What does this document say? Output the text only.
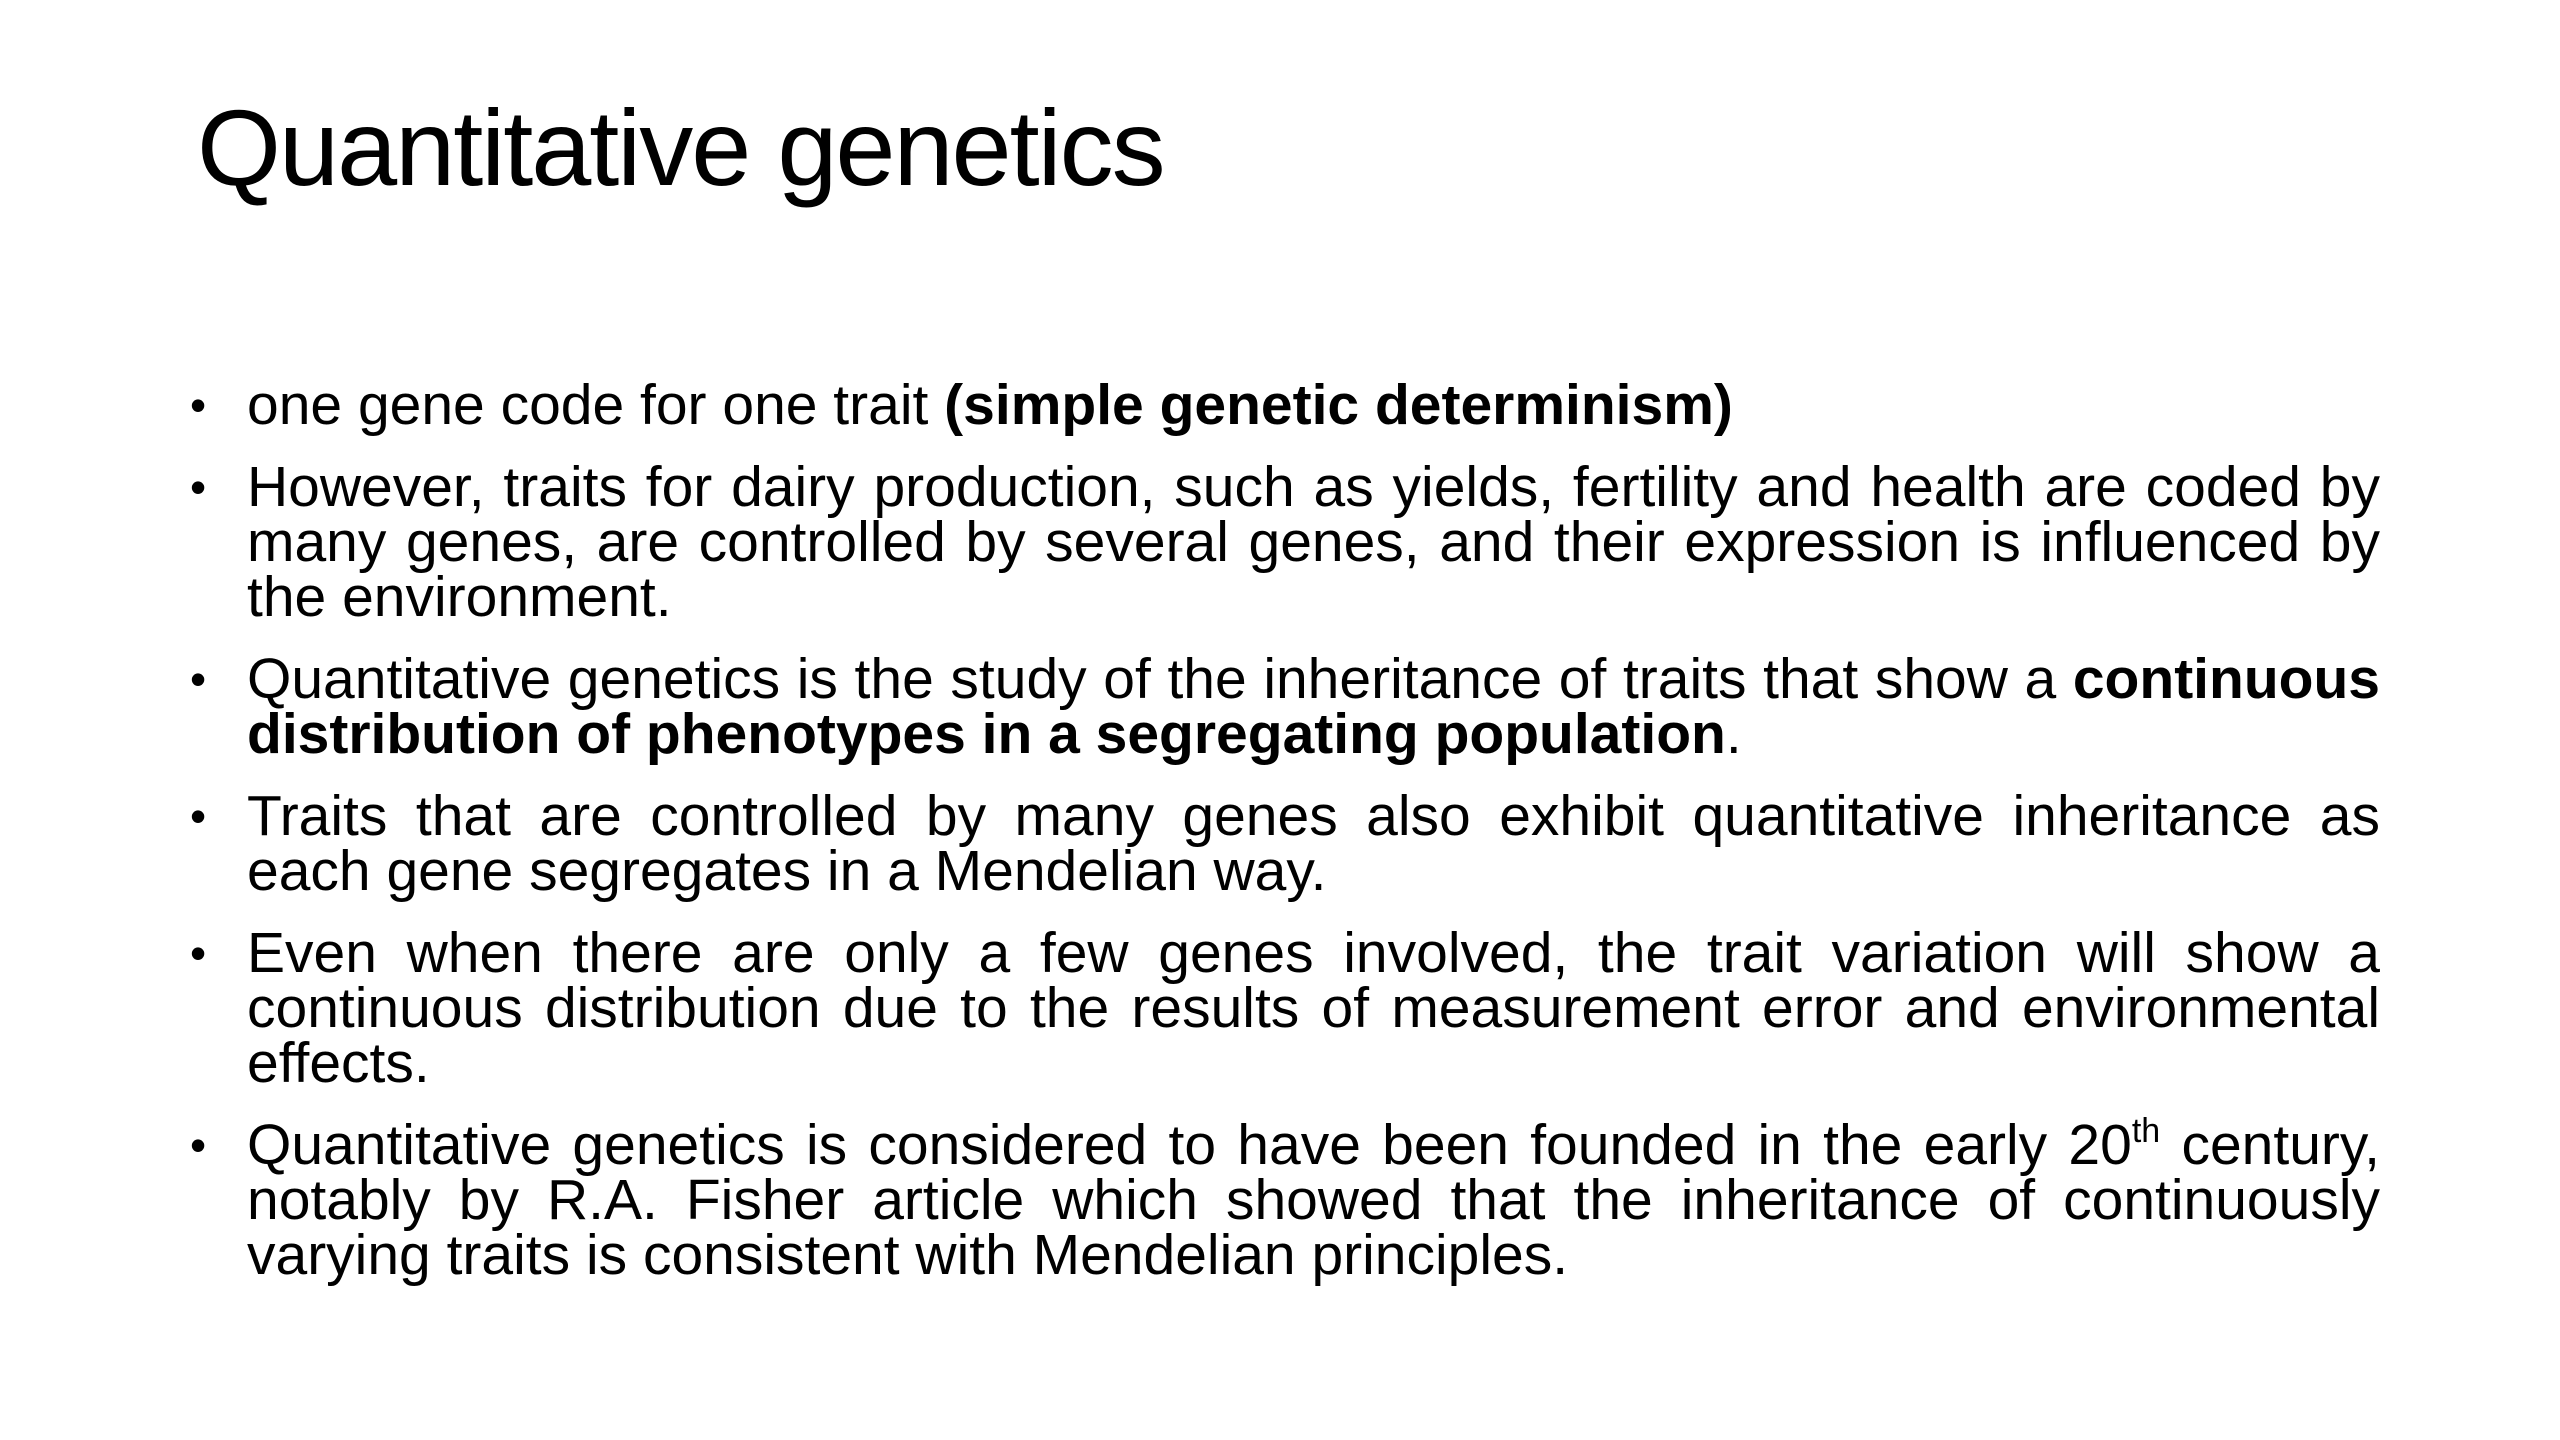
Quantitative genetics
• one gene code for one trait (simple genetic determinism)
• However, traits for dairy production, such as yields, fertility and health are coded by many genes, are controlled by several genes, and their expression is influenced by the environment.
• Quantitative genetics is the study of the inheritance of traits that show a continuous distribution of phenotypes in a segregating population.
• Traits that are controlled by many genes also exhibit quantitative inheritance as each gene segregates in a Mendelian way.
• Even when there are only a few genes involved, the trait variation will show a continuous distribution due to the results of measurement error and environmental effects.
• Quantitative genetics is considered to have been founded in the early 20th century, notably by R.A. Fisher article which showed that the inheritance of continuously varying traits is consistent with Mendelian principles.
